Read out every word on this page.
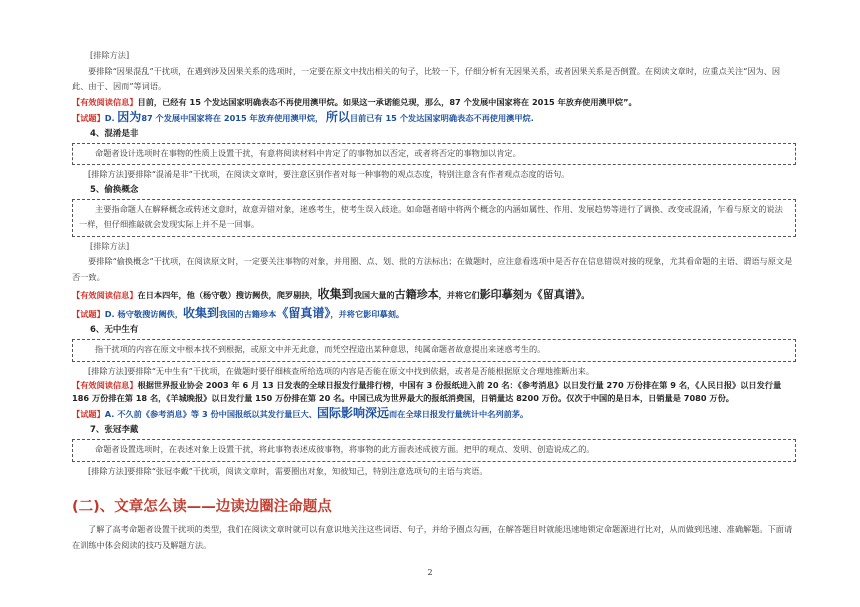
[排除方法]

要排除“因果混乱”干扰项，在遇到涉及因果关系的选项时，一定要在原文中找出相关的句子，比较一下，仔细分析有无因果关系，或者因果关系是否倒置。在阅读文章时，应重点关注“因为、因此、由于、因而”等词语。

【有效阅读信息】目前，已经有 15 个发达国家明确表态不再使用澳甲烷。如果这一承诺能兑现，那么，87 个发展中国家将在 2015 年放弃使用澳甲烷”。

【试题】D. 因为87 个发展中国家将在 2015 年放弃使用澳甲烷， 所以目前已有 15 个发达国家明确表态不再使用澳甲烷.

4、混淆是非

命题者设计选项时在事物的性质上设置干扰，有意将阅读材料中肯定了的事物加以否定，或者将否定的事物加以肯定。

[排除方法]要排除“混淆是非”干扰项，在阅读文章时，要注意区别作者对每一种事物的观点态度，特别注意含有作者观点态度的语句。

5、偷换概念

主要指命题人在解释概念或转述文意时，故意弄错对象，迷惑考生，使考生误入歧途。如命题者暗中将两个概念的内涵如属性、作用、发展趋势等进行了调换、改变或混淆，乍看与原文的说法一样，但仔细推敲就会发现实际上并不是一回事。

[排除方法]

要排除“偷换概念”干扰项，在阅读原文时，一定要关注事物的对象，并用圈、点、划、批的方法标出；在做题时，应注意看选项中是否存在信息错误对接的现象，尤其看命题的主语、谓语与原文是否一致。

【有效阅读信息】在日本四年，他（杨守敬）搜访阙佚，爬罗剔抉，收集到我国大量的古籍珍本，并将它们影印摹刻为《留真谱》。

【试题】D. 杨守敬搜访阙佚，收集到我国的古籍珍本《留真谱》，并将它影印摹刻。

6、无中生有

指干扰项的内容在原文中根本找不到根据，或原文中并无此意，而凭空捏造出某种意思，纯属命题者故意提出来迷惑考生的。

[排除方法]要排除“无中生有”干扰项，在做题时要仔细核查所给选项的内容是否能在原文中找到依据，或者是否能根据原文合理地推断出来。

【有效阅读信息】根据世界报业协会 2003 年 6 月 13 日发表的全球日报发行量排行榜，中国有 3 份报纸进入前 20 名：《参考消息》以日发行量 270 万份排在第 9 名，《人民日报》以日发行量 186 万份排在第 18 名，《羊城晚报》以日发行量 150 万份排在第 20 名。中国已成为世界最大的报纸消费国，日销量达 8200 万份。仅次于中国的是日本，日销量是 7080 万份。

【试题】A. 不久前《参考消息》等 3 份中国报纸以其发行量巨大、国际影响深远而在全球日报发行量统计中名列前茅。

7、张冠李戴

命题者设置选项时，在表述对象上设置干扰，将此事物表述成彼事物，将事物的此方面表述成彼方面。把甲的观点、发明、创造说成乙的。

[排除方法]要排除“张冠李戴”干扰项，阅读文章时，需要圈出对象，知彼知己，特别注意选项句的主语与宾语。

(二)、文章怎么读——边读边圈注命题点

了解了高考命题者设置干扰项的类型，我们在阅读文章时就可以有意识地关注这些词语、句子，并给予圈点勾画，在解答题目时就能迅速地锁定命题源进行比对，从而做到迅速、准确解题。下面请在训练中体会阅读的技巧及解题方法。

2
